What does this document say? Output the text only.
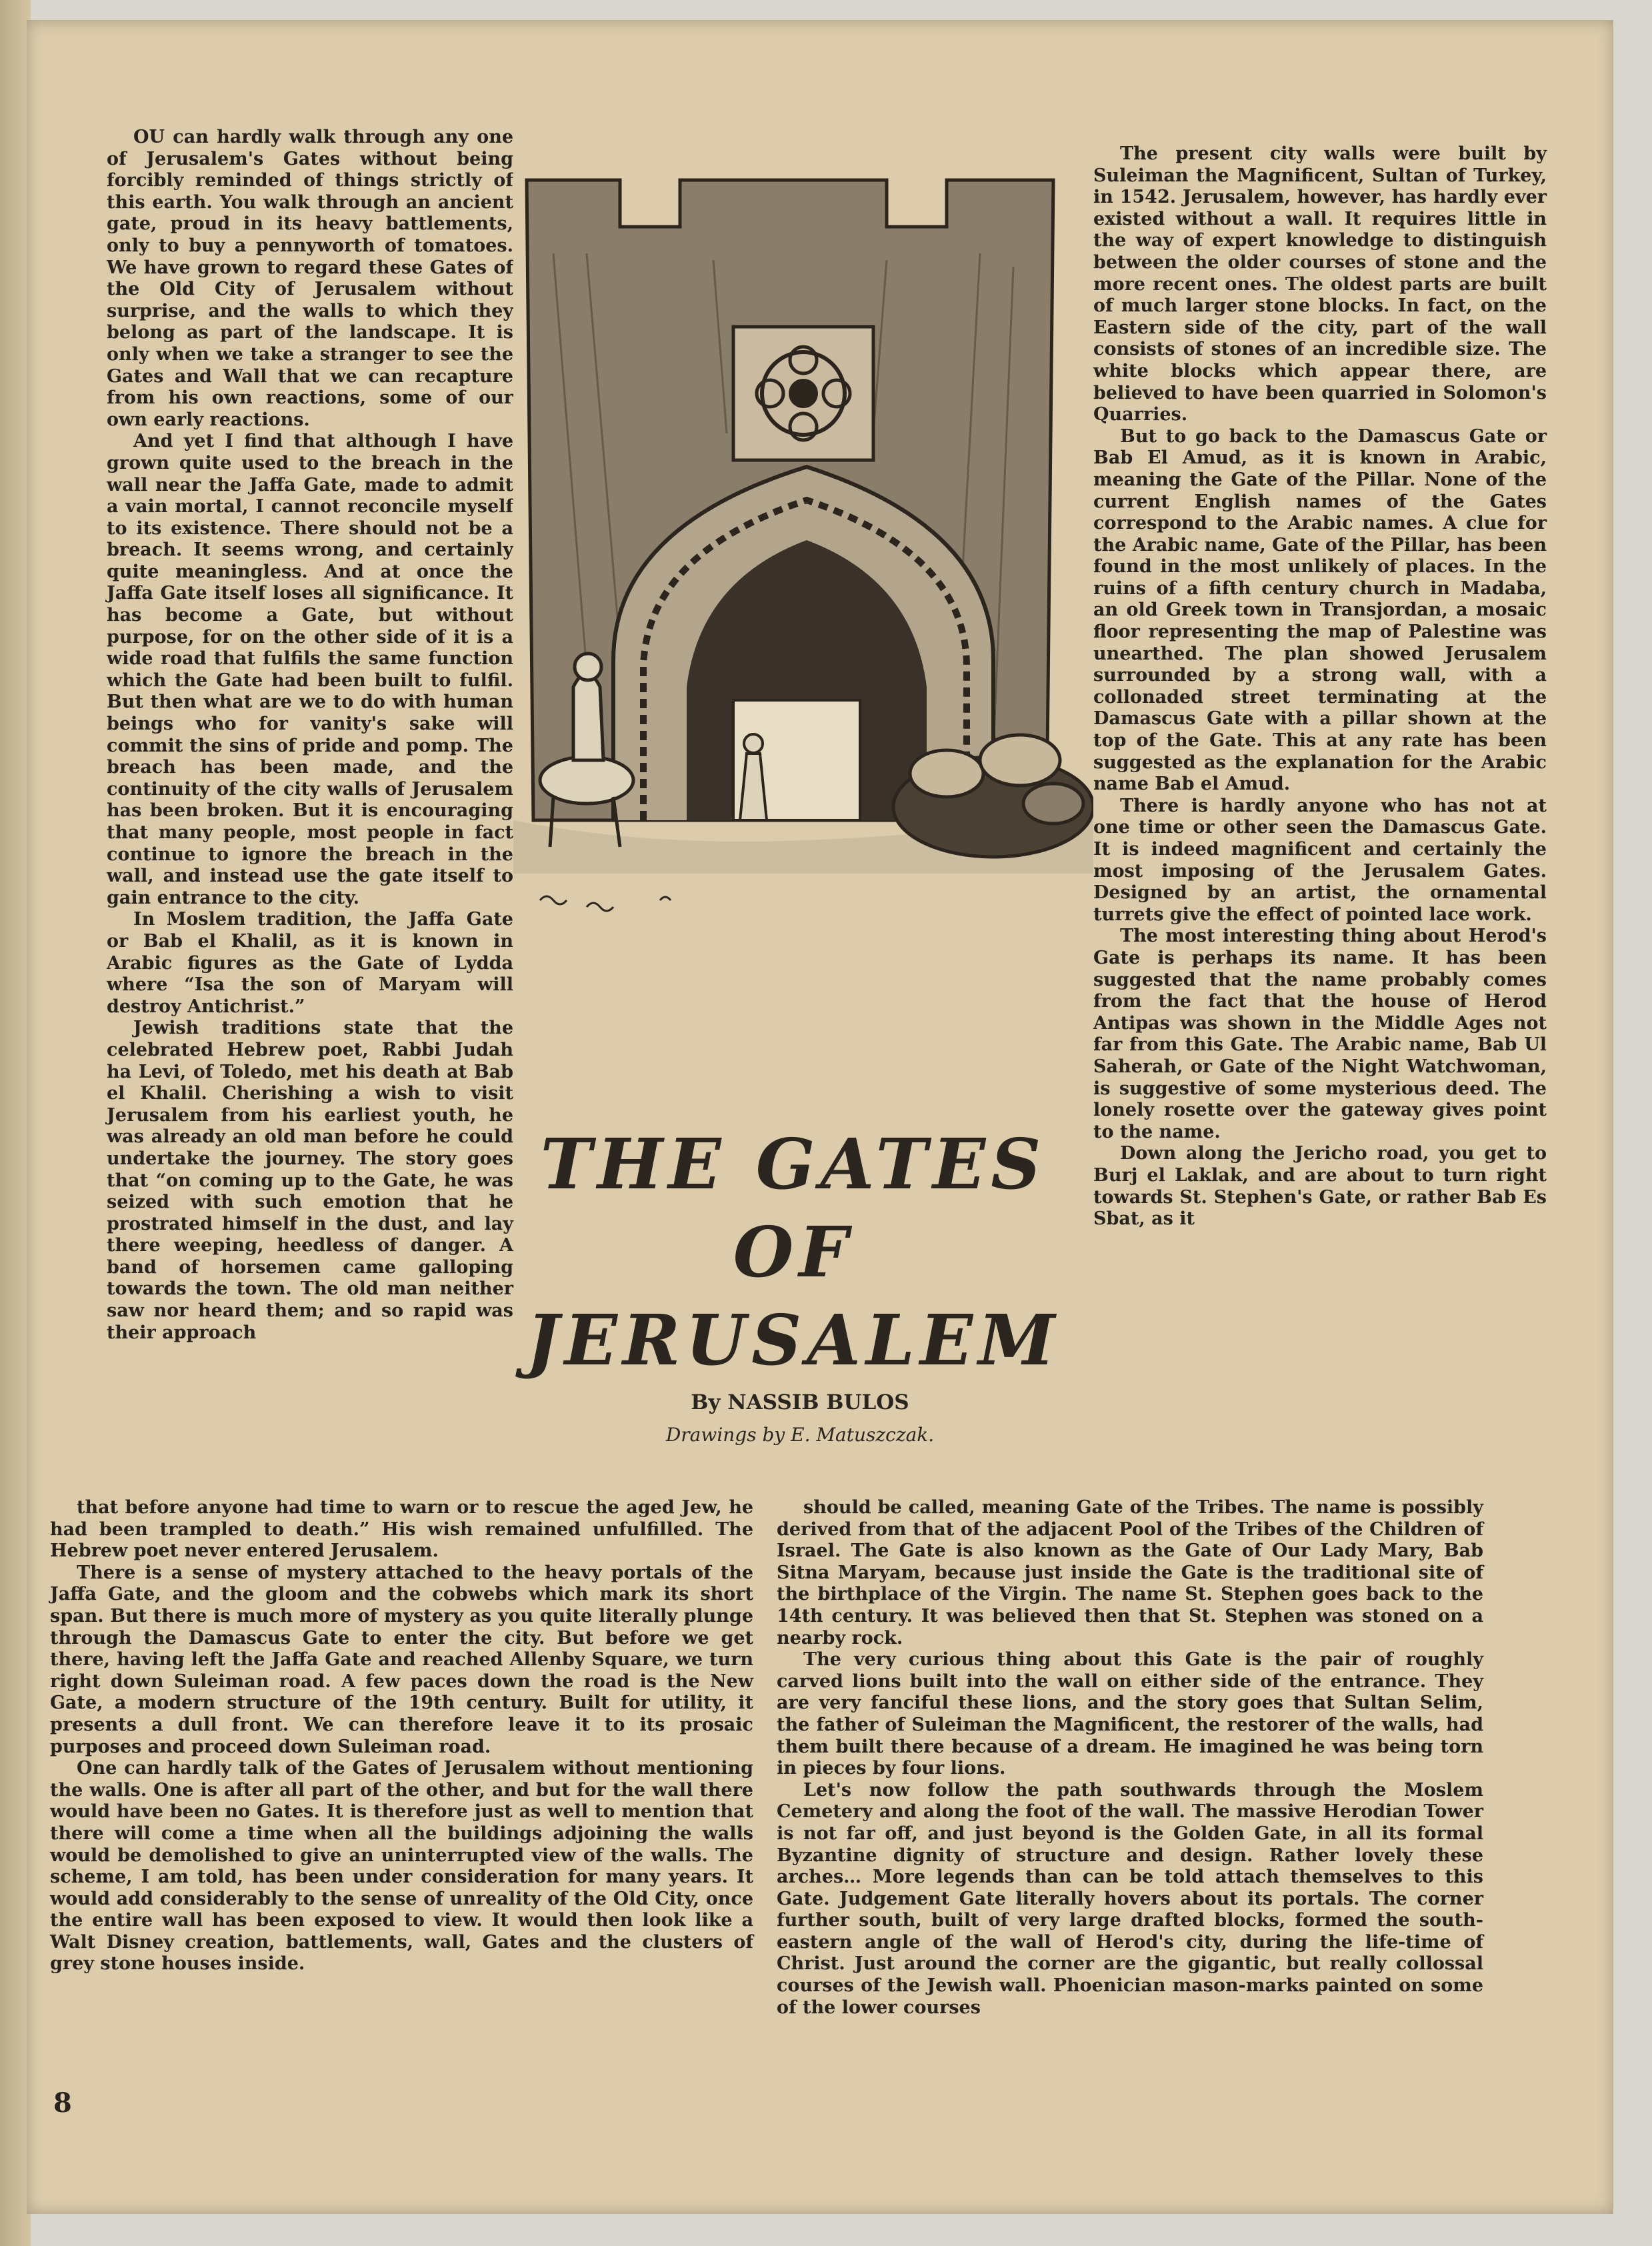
OU can hardly walk through any one of Jerusalem's Gates without being forcibly reminded of things strictly of this earth. You walk through an ancient gate, proud in its heavy battlements, only to buy a pennyworth of tomatoes. We have grown to regard these Gates of the Old City of Jerusalem without surprise, and the walls to which they belong as part of the landscape. It is only when we take a stranger to see the Gates and Wall that we can recapture from his own reactions, some of our own early reactions.

And yet I find that although I have grown quite used to the breach in the wall near the Jaffa Gate, made to admit a vain mortal, I cannot reconcile myself to its existence. There should not be a breach. It seems wrong, and certainly quite meaningless. And at once the Jaffa Gate itself loses all significance. It has become a Gate, but without purpose, for on the other side of it is a wide road that fulfils the same function which the Gate had been built to fulfil. But then what are we to do with human beings who for vanity's sake will commit the sins of pride and pomp. The breach has been made, and the continuity of the city walls of Jerusalem has been broken. But it is encouraging that many people, most people in fact continue to ignore the breach in the wall, and instead use the gate itself to gain entrance to the city.

In Moslem tradition, the Jaffa Gate or Bab el Khalil, as it is known in Arabic figures as the Gate of Lydda where “Isa the son of Maryam will destroy Antichrist.”

Jewish traditions state that the celebrated Hebrew poet, Rabbi Judah ha Levi, of Toledo, met his death at Bab el Khalil. Cherishing a wish to visit Jerusalem from his earliest youth, he was already an old man before he could undertake the journey. The story goes that “on coming up to the Gate, he was seized with such emotion that he prostrated himself in the dust, and lay there weeping, heedless of danger. A band of horsemen came galloping towards the town. The old man neither saw nor heard them; and so rapid was their approach

THE GATES
OF
JERUSALEM
By NASSIB BULOS
Drawings by E. Matuszczak.

The present city walls were built by Suleiman the Magnificent, Sultan of Turkey, in 1542. Jerusalem, however, has hardly ever existed without a wall. It requires little in the way of expert knowledge to distinguish between the older courses of stone and the more recent ones. The oldest parts are built of much larger stone blocks. In fact, on the Eastern side of the city, part of the wall consists of stones of an incredible size. The white blocks which appear there, are believed to have been quarried in Solomon's Quarries.

But to go back to the Damascus Gate or Bab El Amud, as it is known in Arabic, meaning the Gate of the Pillar. None of the current English names of the Gates correspond to the Arabic names. A clue for the Arabic name, Gate of the Pillar, has been found in the most unlikely of places. In the ruins of a fifth century church in Madaba, an old Greek town in Transjordan, a mosaic floor representing the map of Palestine was unearthed. The plan showed Jerusalem surrounded by a strong wall, with a collonaded street terminating at the Damascus Gate with a pillar shown at the top of the Gate. This at any rate has been suggested as the explanation for the Arabic name Bab el Amud.

There is hardly anyone who has not at one time or other seen the Damascus Gate. It is indeed magnificent and certainly the most imposing of the Jerusalem Gates. Designed by an artist, the ornamental turrets give the effect of pointed lace work.

The most interesting thing about Herod's Gate is perhaps its name. It has been suggested that the name probably comes from the fact that the house of Herod Antipas was shown in the Middle Ages not far from this Gate. The Arabic name, Bab Ul Saherah, or Gate of the Night Watchwoman, is suggestive of some mysterious deed. The lonely rosette over the gateway gives point to the name.

Down along the Jericho road, you get to Burj el Laklak, and are about to turn right towards St. Stephen's Gate, or rather Bab Es Sbat, as it

that before anyone had time to warn or to rescue the aged Jew, he had been trampled to death.” His wish remained unfulfilled. The Hebrew poet never entered Jerusalem.

There is a sense of mystery attached to the heavy portals of the Jaffa Gate, and the gloom and the cobwebs which mark its short span. But there is much more of mystery as you quite literally plunge through the Damascus Gate to enter the city. But before we get there, having left the Jaffa Gate and reached Allenby Square, we turn right down Suleiman road. A few paces down the road is the New Gate, a modern structure of the 19th century. Built for utility, it presents a dull front. We can therefore leave it to its prosaic purposes and proceed down Suleiman road.

One can hardly talk of the Gates of Jerusalem without mentioning the walls. One is after all part of the other, and but for the wall there would have been no Gates. It is therefore just as well to mention that there will come a time when all the buildings adjoining the walls would be demolished to give an uninterrupted view of the walls. The scheme, I am told, has been under consideration for many years. It would add considerably to the sense of unreality of the Old City, once the entire wall has been exposed to view. It would then look like a Walt Disney creation, battlements, wall, Gates and the clusters of grey stone houses inside.

should be called, meaning Gate of the Tribes. The name is possibly derived from that of the adjacent Pool of the Tribes of the Children of Israel. The Gate is also known as the Gate of Our Lady Mary, Bab Sitna Maryam, because just inside the Gate is the traditional site of the birthplace of the Virgin. The name St. Stephen goes back to the 14th century. It was believed then that St. Stephen was stoned on a nearby rock.

The very curious thing about this Gate is the pair of roughly carved lions built into the wall on either side of the entrance. They are very fanciful these lions, and the story goes that Sultan Selim, the father of Suleiman the Magnificent, the restorer of the walls, had them built there because of a dream. He imagined he was being torn in pieces by four lions.

Let's now follow the path southwards through the Moslem Cemetery and along the foot of the wall. The massive Herodian Tower is not far off, and just beyond is the Golden Gate, in all its formal Byzantine dignity of structure and design. Rather lovely these arches… More legends than can be told attach themselves to this Gate. Judgement Gate literally hovers about its portals. The corner further south, built of very large drafted blocks, formed the south-eastern angle of the wall of Herod's city, during the life-time of Christ. Just around the corner are the gigantic, but really collossal courses of the Jewish wall. Phoenician mason-marks painted on some of the lower courses

8
